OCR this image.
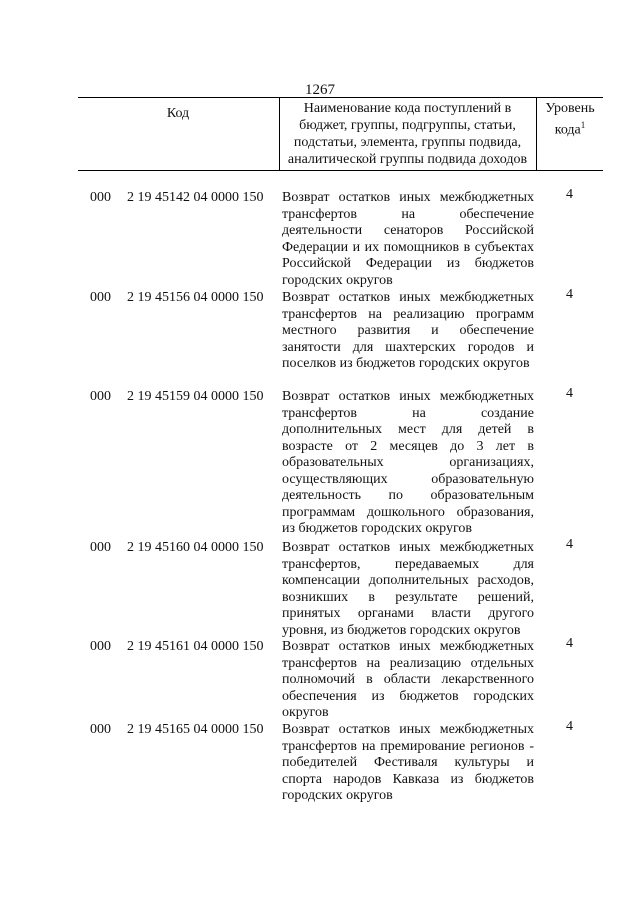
1267
Код	Наименование кода поступлений в бюджет, группы, подгруппы, статьи, подстатьи, элемента, группы подвида, аналитической группы подвида доходов
Уровень кода$^1$
000 2 19 45142 04 0000 150 Возврат остатков иных межбюджетных трансфертов на обеспечение деятельности сенаторов Российской Федерации и их помощников в субъектах Российской Федерации из бюджетов городских округов
4
000 2 19 45156 04 0000 150 Возврат остатков иных межбюджетных трансфертов на реализацию программ местного развития и обеспечение занятости для шахтерских городов и поселков из бюджетов городских округов
4
000 2 19 45159 04 0000 150 Возврат остатков иных межбюджетных трансфертов на создание дополнительных мест для детей в возрасте от 2 месяцев до 3 лет в образовательных организациях, осуществляющих образовательную деятельность по образовательным программам дошкольного образования, из бюджетов городских округов
4
000 2 19 45160 04 0000 150 Возврат остатков иных межбюджетных трансфертов, передаваемых для компенсации дополнительных расходов, возникших в результате решений, принятых органами власти другого уровня, из бюджетов городских округов
4
000 2 19 45161 04 0000 150 Возврат остатков иных межбюджетных трансфертов на реализацию отдельных полномочий в области лекарственного обеспечения из бюджетов городских округов
4
000 2 19 45165 04 0000 150 Возврат остатков иных межбюджетных трансфертов на премирование регионов - победителей Фестиваля культуры и спорта народов Кавказа из бюджетов городских округов
4
